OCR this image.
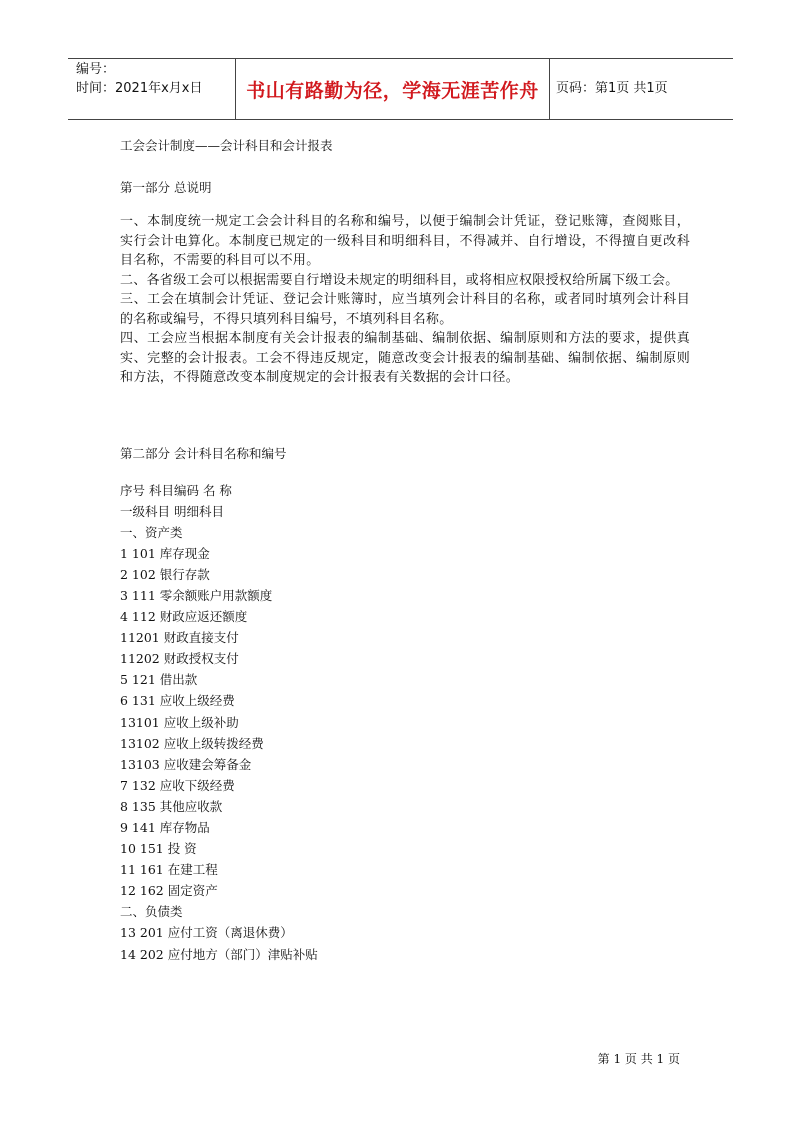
编号：
时间：2021年x月x日 书山有路勤为径，学海无涯苦作舟 页码：第1页 共1页

工会会计制度——会计科目和会计报表

第一部分 总说明

一、本制度统一规定工会会计科目的名称和编号，以便于编制会计凭证，登记账簿，查阅账目，实行会计电算化。本制度已规定的一级科目和明细科目，不得减并、自行增设，不得擅自更改科目名称，不需要的科目可以不用。

二、各省级工会可以根据需要自行增设未规定的明细科目，或将相应权限授权给所属下级工会。

三、工会在填制会计凭证、登记会计账簿时，应当填列会计科目的名称，或者同时填列会计科目的名称或编号，不得只填列科目编号，不填列科目名称。

四、工会应当根据本制度有关会计报表的编制基础、编制依据、编制原则和方法的要求，提供真实、完整的会计报表。工会不得违反规定，随意改变会计报表的编制基础、编制依据、编制原则和方法，不得随意改变本制度规定的会计报表有关数据的会计口径。

第二部分 会计科目名称和编号

序号 科目编码 名 称

一级科目 明细科目

一、资产类

1 101 库存现金

2 102 银行存款

3 111 零余额账户用款额度

4 112 财政应返还额度

11201 财政直接支付

11202 财政授权支付

5 121 借出款

6 131 应收上级经费

13101 应收上级补助

13102 应收上级转拨经费

13103 应收建会筹备金

7 132 应收下级经费

8 135 其他应收款

9 141 库存物品

10 151 投 资

11 161 在建工程

12 162 固定资产

二、负债类

13 201 应付工资（离退休费）

14 202 应付地方（部门）津贴补贴

第 1 页 共 1 页
